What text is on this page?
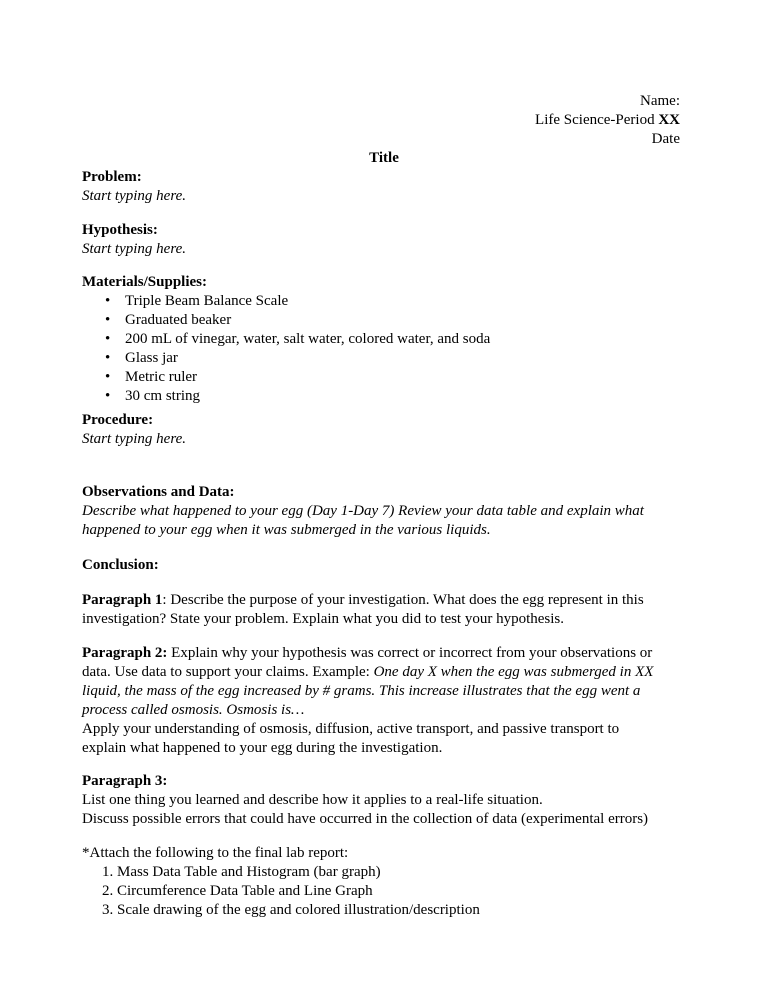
Name:
Life Science-Period XX
Date
Title

Problem:

Start typing here.

Hypothesis:

Start typing here.

Materials/Supplies:

• Triple Beam Balance Scale
• Graduated beaker
• 200 mL of vinegar, water, salt water, colored water, and soda
• Glass jar
• Metric ruler
• 30 cm string

Procedure:

Start typing here.

Observations and Data:

Describe what happened to your egg (Day 1-Day 7) Review your data table and explain what

happened to your egg when it was submerged in the various liquids.

Conclusion:

Paragraph 1: Describe the purpose of your investigation. What does the egg represent in this

investigation? State your problem. Explain what you did to test your hypothesis.

Paragraph 2: Explain why your hypothesis was correct or incorrect from your observations or

data. Use data to support your claims. Example: One day X when the egg was submerged in XX

liquid, the mass of the egg increased by # grams. This increase illustrates that the egg went a

process called osmosis. Osmosis is…

Apply your understanding of osmosis, diffusion, active transport, and passive transport to

explain what happened to your egg during the investigation.

Paragraph 3:

List one thing you learned and describe how it applies to a real-life situation.

Discuss possible errors that could have occurred in the collection of data (experimental errors)

*Attach the following to the final lab report:

1. Mass Data Table and Histogram (bar graph)
2. Circumference Data Table and Line Graph
3. Scale drawing of the egg and colored illustration/description
